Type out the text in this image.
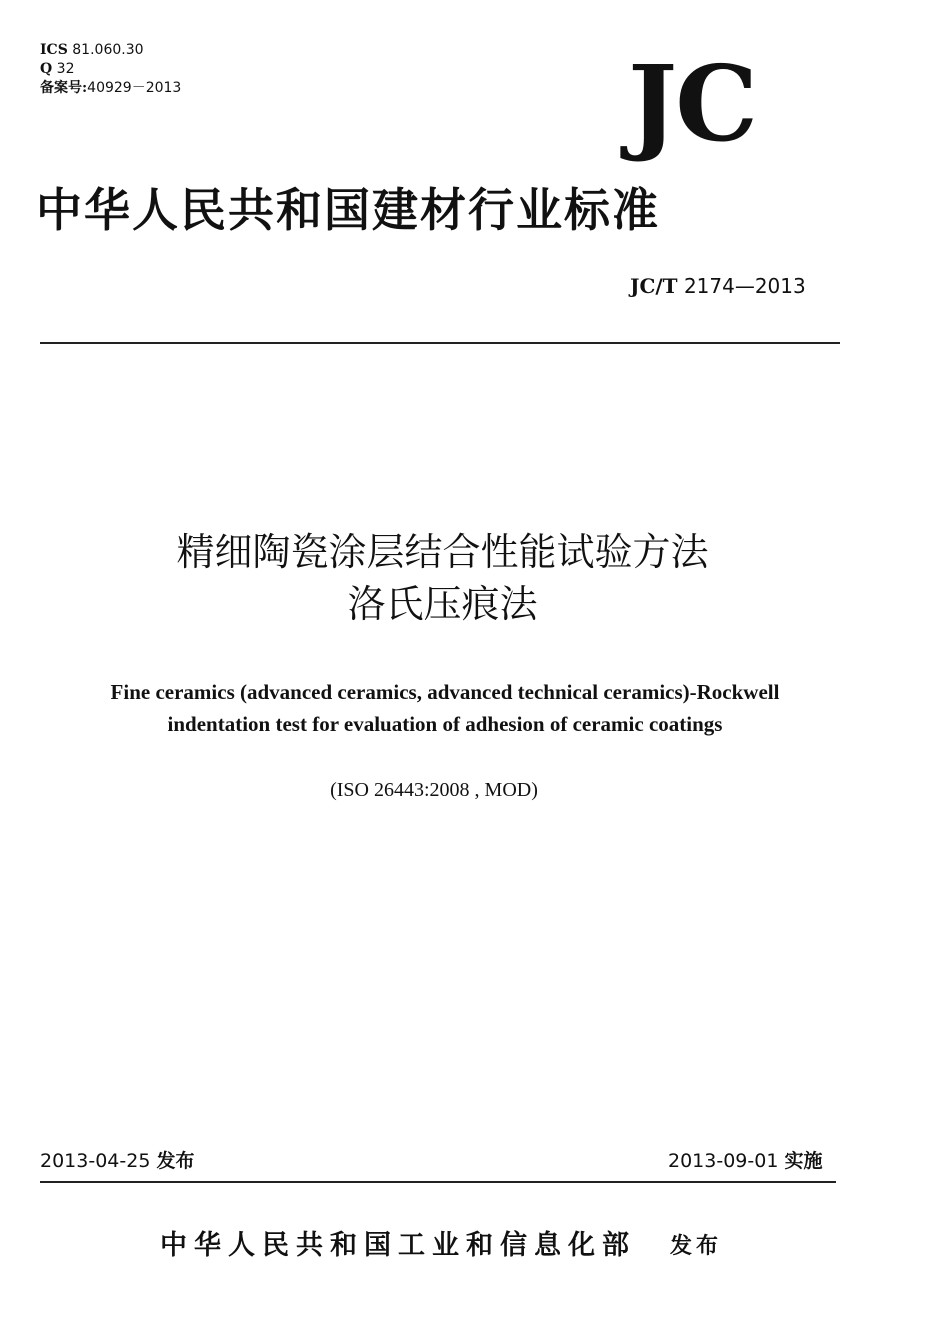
ICS 81.060.30
Q 32
备案号:40929－2013	JC
中华人民共和国建材行业标准
JC/T 2174—2013
精细陶瓷涂层结合性能试验方法
洛氏压痕法
Fine ceramics (advanced ceramics, advanced technical ceramics)-Rockwell
indentation test for evaluation of adhesion of ceramic coatings
(ISO 26443:2008 , MOD)
2013-04-25 发布	2013-09-01 实施
中华人民共和国工业和信息化部 发布
